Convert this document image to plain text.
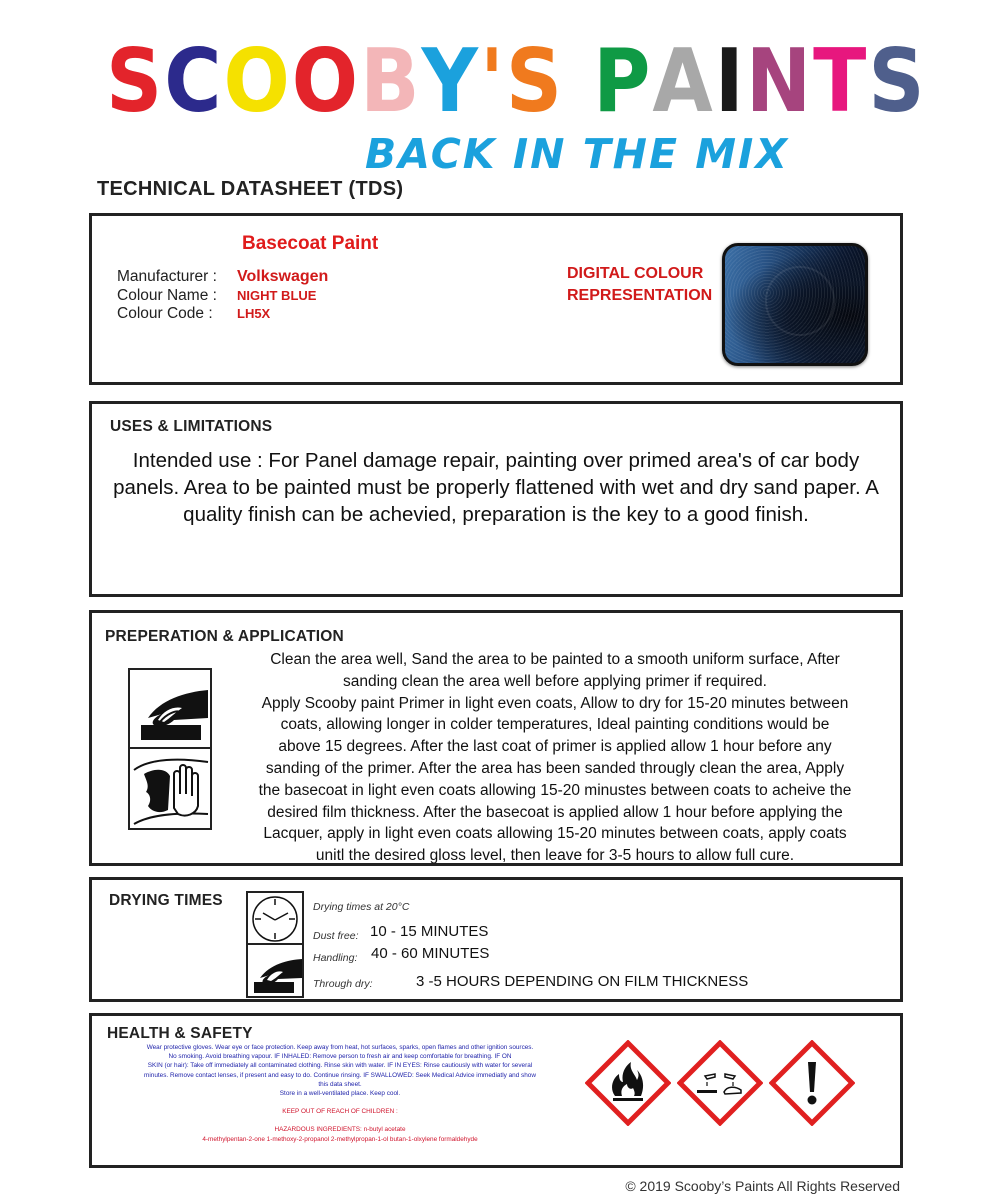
SCOOBY'S PAINTS
BACK IN THE MIX
TECHNICAL DATASHEET (TDS)
Basecoat Paint
Manufacturer : Volkswagen
Colour Name : NIGHT BLUE
Colour Code : LH5X
DIGITAL COLOUR
REPRESENTATION
USES & LIMITATIONS
Intended use : For Panel damage repair, painting over primed area's of car body panels. Area to be painted must be properly flattened with wet and dry sand paper. A quality finish can be achevied, preparation is the key to a good finish.
PREPERATION & APPLICATION
Clean the area well, Sand the area to be painted to a smooth uniform surface, After
sanding clean the area well before applying primer if required.
Apply Scooby paint Primer in light even coats, Allow to dry for 15-20 minutes between
coats, allowing longer in colder temperatures, Ideal painting conditions would be
above 15 degrees. After the last coat of primer is applied allow 1 hour before any
sanding of the primer. After the area has been sanded througly clean the area, Apply
the basecoat in light even coats allowing 15-20 minustes between coats to acheive the
desired film thickness. After the basecoat is applied allow 1 hour before applying the
Lacquer, apply in light even coats allowing 15-20 minutes between coats, apply coats
unitl the desired gloss level, then leave for 3-5 hours to allow full cure.
DRYING TIMES	Drying times at 20°C
Dust free: 10 - 15 MINUTES
Handling: 40 - 60 MINUTES
Through dry:	3 -5 HOURS DEPENDING ON FILM THICKNESS
HEALTH & SAFETY
Wear protective gloves. Wear eye or face protection. Keep away from heat, hot surfaces, sparks, open flames and other ignition sources.
No smoking. Avoid breathing vapour. IF INHALED: Remove person to fresh air and keep comfortable for breathing. IF ON
SKIN (or hair): Take off immediately all contaminated clothing. Rinse skin with water. IF IN EYES: Rinse cautiously with water for several
minutes. Remove contact lenses, if present and easy to do. Continue rinsing. IF SWALLOWED: Seek Medical Advice immediatly and show
this data sheet.
Store in a well-ventilated place. Keep cool.
KEEP OUT OF REACH OF CHILDREN :
HAZARDOUS INGREDIENTS: n-butyl acetate
4-methylpentan-2-one 1-methoxy-2-propanol 2-methylpropan-1-ol butan-1-olxylene formaldehyde
© 2019 Scooby’s Paints All Rights Reserved
